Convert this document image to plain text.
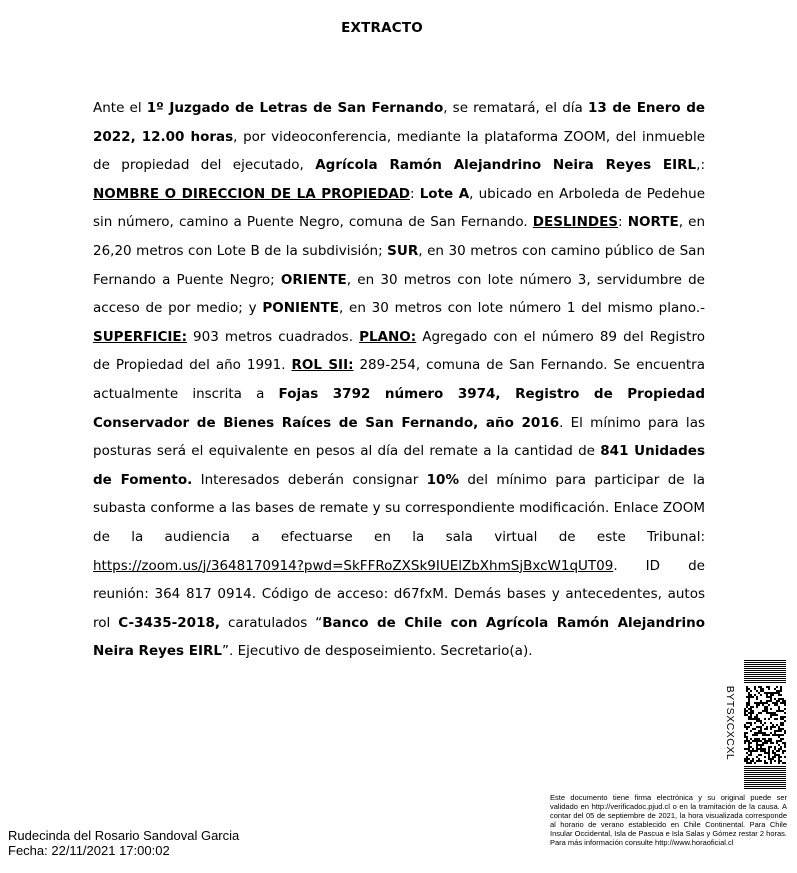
EXTRACTO
Ante el 1º Juzgado de Letras de San Fernando, se rematará, el día 13 de Enero de 2022, 12.00 horas, por videoconferencia, mediante la plataforma ZOOM, del inmueble de propiedad del ejecutado, Agrícola Ramón Alejandrino Neira Reyes EIRL,: NOMBRE O DIRECCION DE LA PROPIEDAD: Lote A, ubicado en Arboleda de Pedehue sin número, camino a Puente Negro, comuna de San Fernando. DESLINDES: NORTE, en 26,20 metros con Lote B de la subdivisión; SUR, en 30 metros con camino público de San Fernando a Puente Negro; ORIENTE, en 30 metros con lote número 3, servidumbre de acceso de por medio; y PONIENTE, en 30 metros con lote número 1 del mismo plano.- SUPERFICIE: 903 metros cuadrados. PLANO: Agregado con el número 89 del Registro de Propiedad del año 1991. ROL SII: 289-254, comuna de San Fernando. Se encuentra actualmente inscrita a Fojas 3792 número 3974, Registro de Propiedad Conservador de Bienes Raíces de San Fernando, año 2016. El mínimo para las posturas será el equivalente en pesos al día del remate a la cantidad de 841 Unidades de Fomento. Interesados deberán consignar 10% del mínimo para participar de la subasta conforme a las bases de remate y su correspondiente modificación. Enlace ZOOM de la audiencia a efectuarse en la sala virtual de este Tribunal: https://zoom.us/j/3648170914?pwd=SkFFRoZXSk9IUElZbXhmSjBxcW1qUT09. ID de reunión: 364 817 0914. Código de acceso: d67fxM. Demás bases y antecedentes, autos rol C-3435-2018, caratulados “Banco de Chile con Agrícola Ramón Alejandrino Neira Reyes EIRL”. Ejecutivo de desposeimiento. Secretario(a).
BYTSXCXCXL
Este documento tiene firma electrónica y su original puede ser validado en http://verificadoc.pjud.cl o en la tramitación de la causa. A contar del 05 de septiembre de 2021, la hora visualizada corresponde al horario de verano establecido en Chile Continental. Para Chile Insular Occidental, Isla de Pascua e Isla Salas y Gómez restar 2 horas. Para más información consulte http://www.horaoficial.cl
Rudecinda del Rosario Sandoval Garcia
Fecha: 22/11/2021 17:00:02
